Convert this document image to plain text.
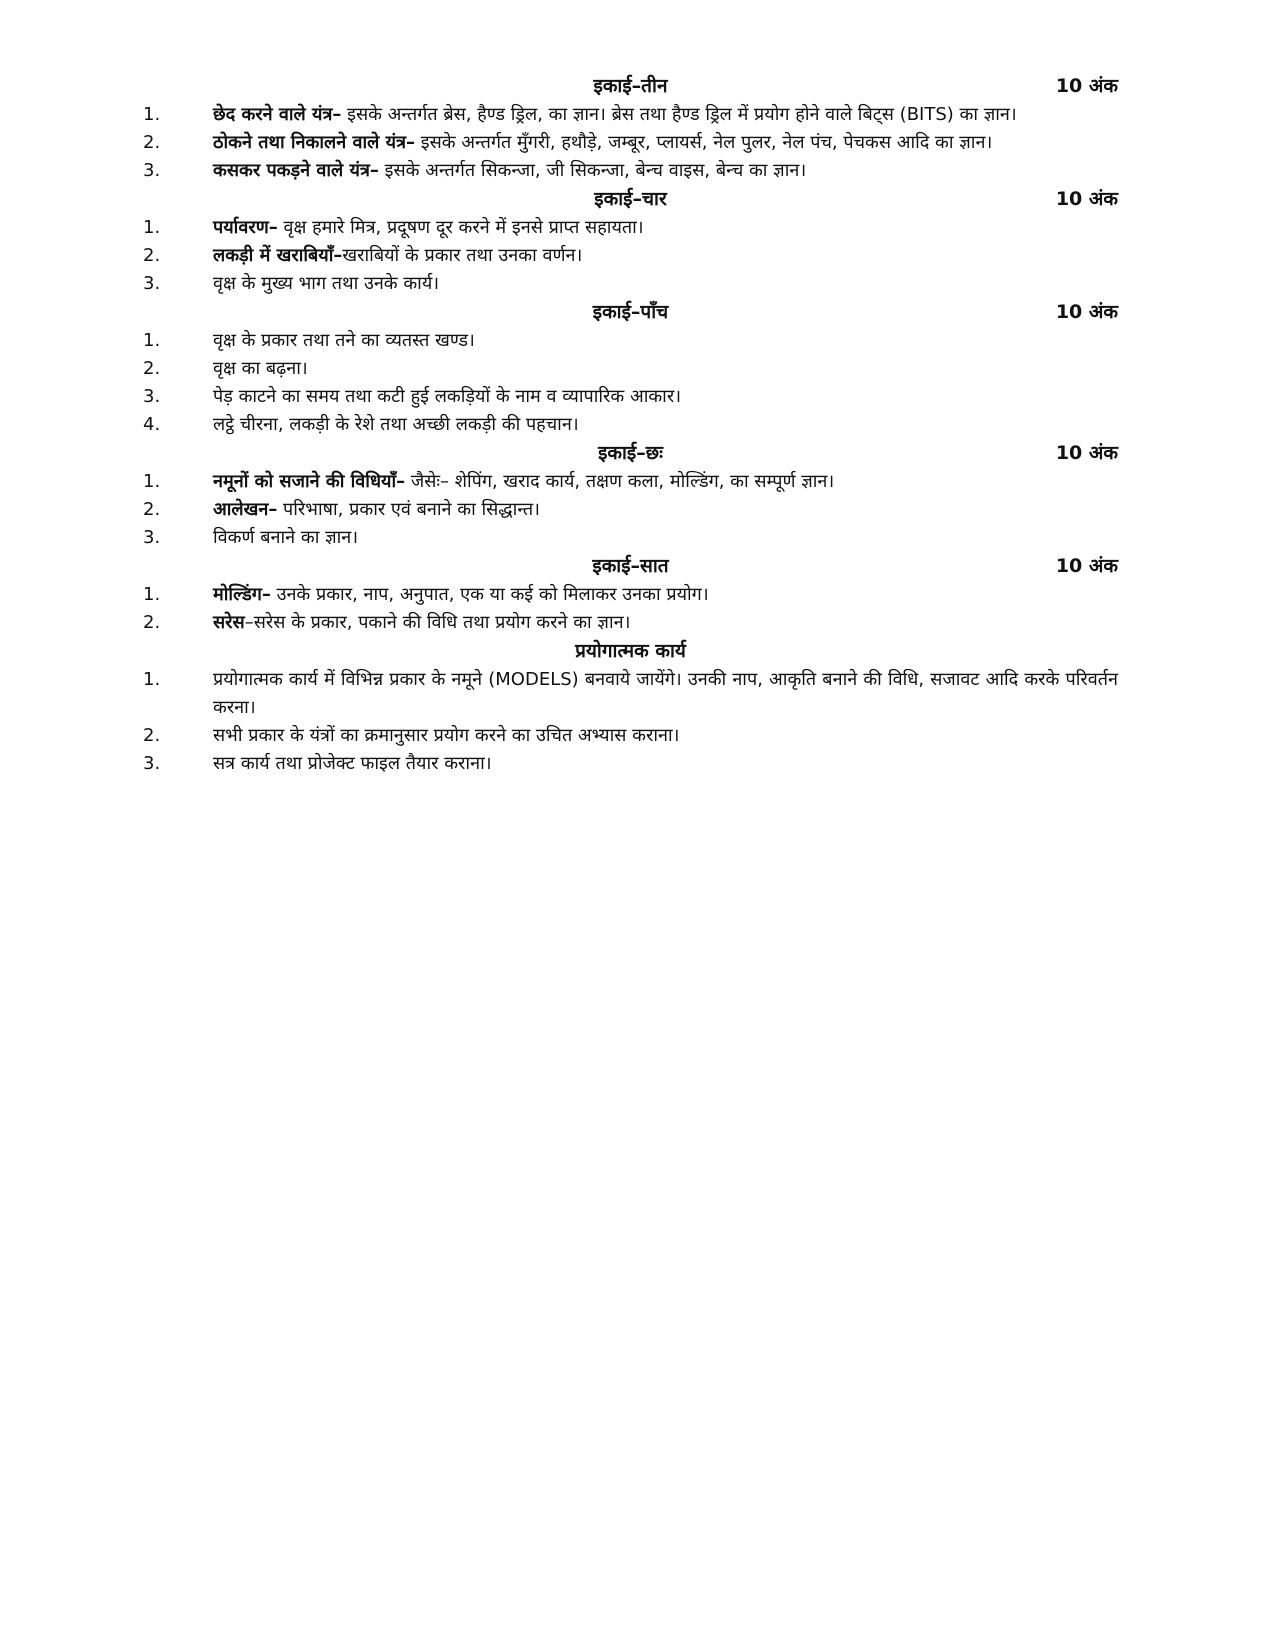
इकाई–तीन	10 अंक
1.	छेद करने वाले यंत्र– इसके अन्तर्गत ब्रेस, हैण्ड ड्रिल, का ज्ञान। ब्रेस तथा हैण्ड ड्रिल में प्रयोग होने वाले बिट्स (BITS) का ज्ञान।
2.	ठोकने तथा निकालने वाले यंत्र– इसके अन्तर्गत मुँगरी, हथौड़े, जम्बूर, प्लायर्स, नेल पुलर, नेल पंच, पेचकस आदि का ज्ञान।
3.	कसकर पकड़ने वाले यंत्र– इसके अन्तर्गत सिकन्जा, जी सिकन्जा, बेन्च वाइस, बेन्च का ज्ञान।
इकाई–चार	10 अंक
1.	पर्यावरण– वृक्ष हमारे मित्र, प्रदूषण दूर करने में इनसे प्राप्त सहायता।
2.	लकड़ी में खराबियाँ–खराबियों के प्रकार तथा उनका वर्णन।
3.	वृक्ष के मुख्य भाग तथा उनके कार्य।
इकाई–पाँच	10 अंक
1.	वृक्ष के प्रकार तथा तने का व्यतस्त खण्ड।
2.	वृक्ष का बढ़ना।
3.	पेड़ काटने का समय तथा कटी हुई लकड़ियों के नाम व व्यापारिक आकार।
4.	लट्ठे चीरना, लकड़ी के रेशे तथा अच्छी लकड़ी की पहचान।
इकाई–छः	10 अंक
1.	नमूनों को सजाने की विधियाँ– जैसेः– शेपिंग, खराद कार्य, तक्षण कला, मोल्डिंग, का सम्पूर्ण ज्ञान।
2.	आलेखन– परिभाषा, प्रकार एवं बनाने का सिद्धान्त।
3.	विकर्ण बनाने का ज्ञान।
इकाई–सात	10 अंक
1.	मोल्डिंग– उनके प्रकार, नाप, अनुपात, एक या कई को मिलाकर उनका प्रयोग।
2.	सरेस–सरेस के प्रकार, पकाने की विधि तथा प्रयोग करने का ज्ञान।
प्रयोगात्मक कार्य
1.	प्रयोगात्मक कार्य में विभिन्न प्रकार के नमूने (MODELS) बनवाये जायेंगे। उनकी नाप, आकृति बनाने की विधि, सजावट आदि करके परिवर्तन करना।
2.	सभी प्रकार के यंत्रों का क्रमानुसार प्रयोग करने का उचित अभ्यास कराना।
3.	सत्र कार्य तथा प्रोजेक्ट फाइल तैयार कराना।
